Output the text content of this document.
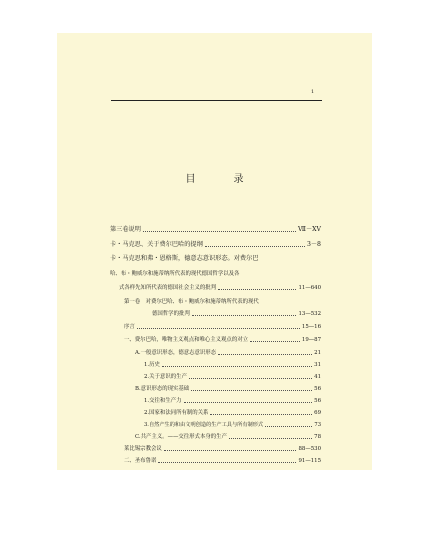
1
目　录
第三卷说明	Ⅶ－ⅩⅤ
卡・马克思、关于费尔巴哈的提纲	3－8
卡・马克思和弗・恩格斯，德意志意识形态。对费尔巴
哈、布・鲍威尔和施蒂纳所代表的现代德国哲学以及各
式各样先知所代表的德国社会主义的批判	11—640
第一卷　对费尔巴哈、布・鲍威尔和施蒂纳所代表的现代
德国哲学的批判	13—532
序言	15—16
一、费尔巴哈，唯物主义观点和唯心主义观点的对立	19—87
A.一般意识形态，德意志意识形态	21
1.历史	31
2.关于意识的生产	41
B.意识形态的现实基础	56
1.交往和生产力	56
2.国家和法同所有制的关系	69
3.自然产生的和由文明创造的生产工具与所有制形式	73
C.共产主义。——交往形式本身的生产	78
莱比锡宗教会议	88—530
二、圣布鲁诺	91—115
